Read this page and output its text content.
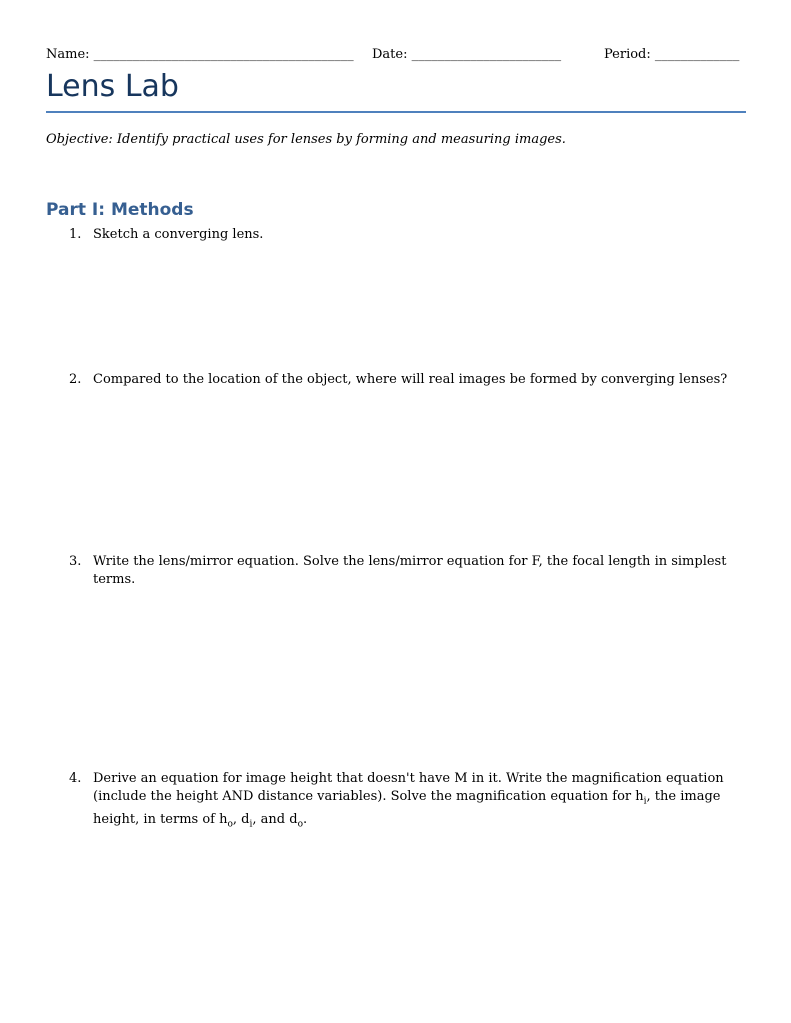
Name: ________________________________________ Date: _______________________	Period: _____________
Lens Lab
Objective: Identify practical uses for lenses by forming and measuring images.
Part I: Methods
1. Sketch a converging lens.
2. Compared to the location of the object, where will real images be formed by converging lenses?
3. Write the lens/mirror equation. Solve the lens/mirror equation for F, the focal length in simplest terms.
4. Derive an equation for image height that doesn't have M in it. Write the magnification equation (include the height AND distance variables). Solve the magnification equation for $h_i$, the image height, in terms of $h_o$, $d_i$, and $d_o$.
